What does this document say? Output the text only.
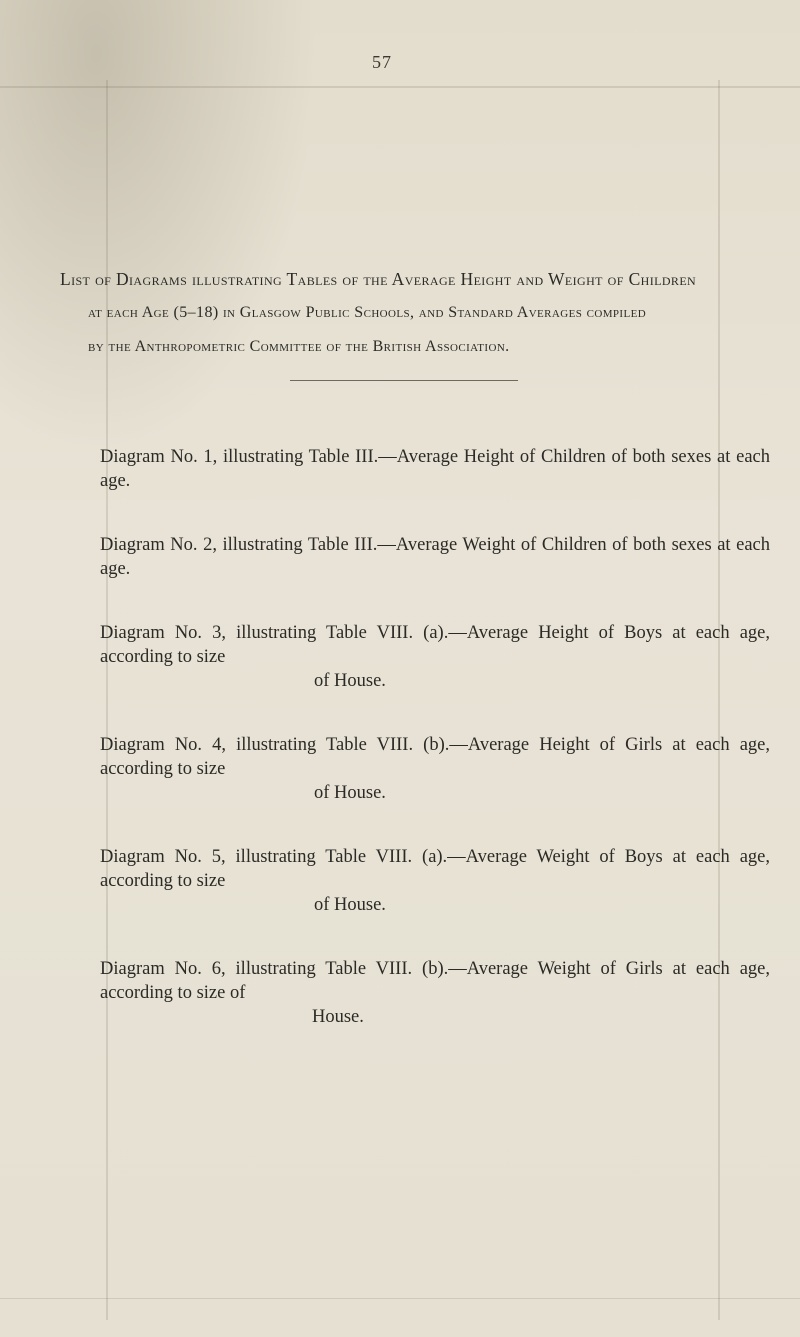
57
List of Diagrams illustrating Tables of the Average Height and Weight of Children
at each Age (5–18) in Glasgow Public Schools, and Standard Averages compiled
by the Anthropometric Committee of the British Association.
Diagram No. 1, illustrating Table III.—Average Height of Children of both sexes at each age.
Diagram No. 2, illustrating Table III.—Average Weight of Children of both sexes at each age.
Diagram No. 3, illustrating Table VIII. (a).—Average Height of Boys at each age, according to size
of House.
Diagram No. 4, illustrating Table VIII. (b).—Average Height of Girls at each age, according to size
of House.
Diagram No. 5, illustrating Table VIII. (a).—Average Weight of Boys at each age, according to size
of House.
Diagram No. 6, illustrating Table VIII. (b).—Average Weight of Girls at each age, according to size of
House.
